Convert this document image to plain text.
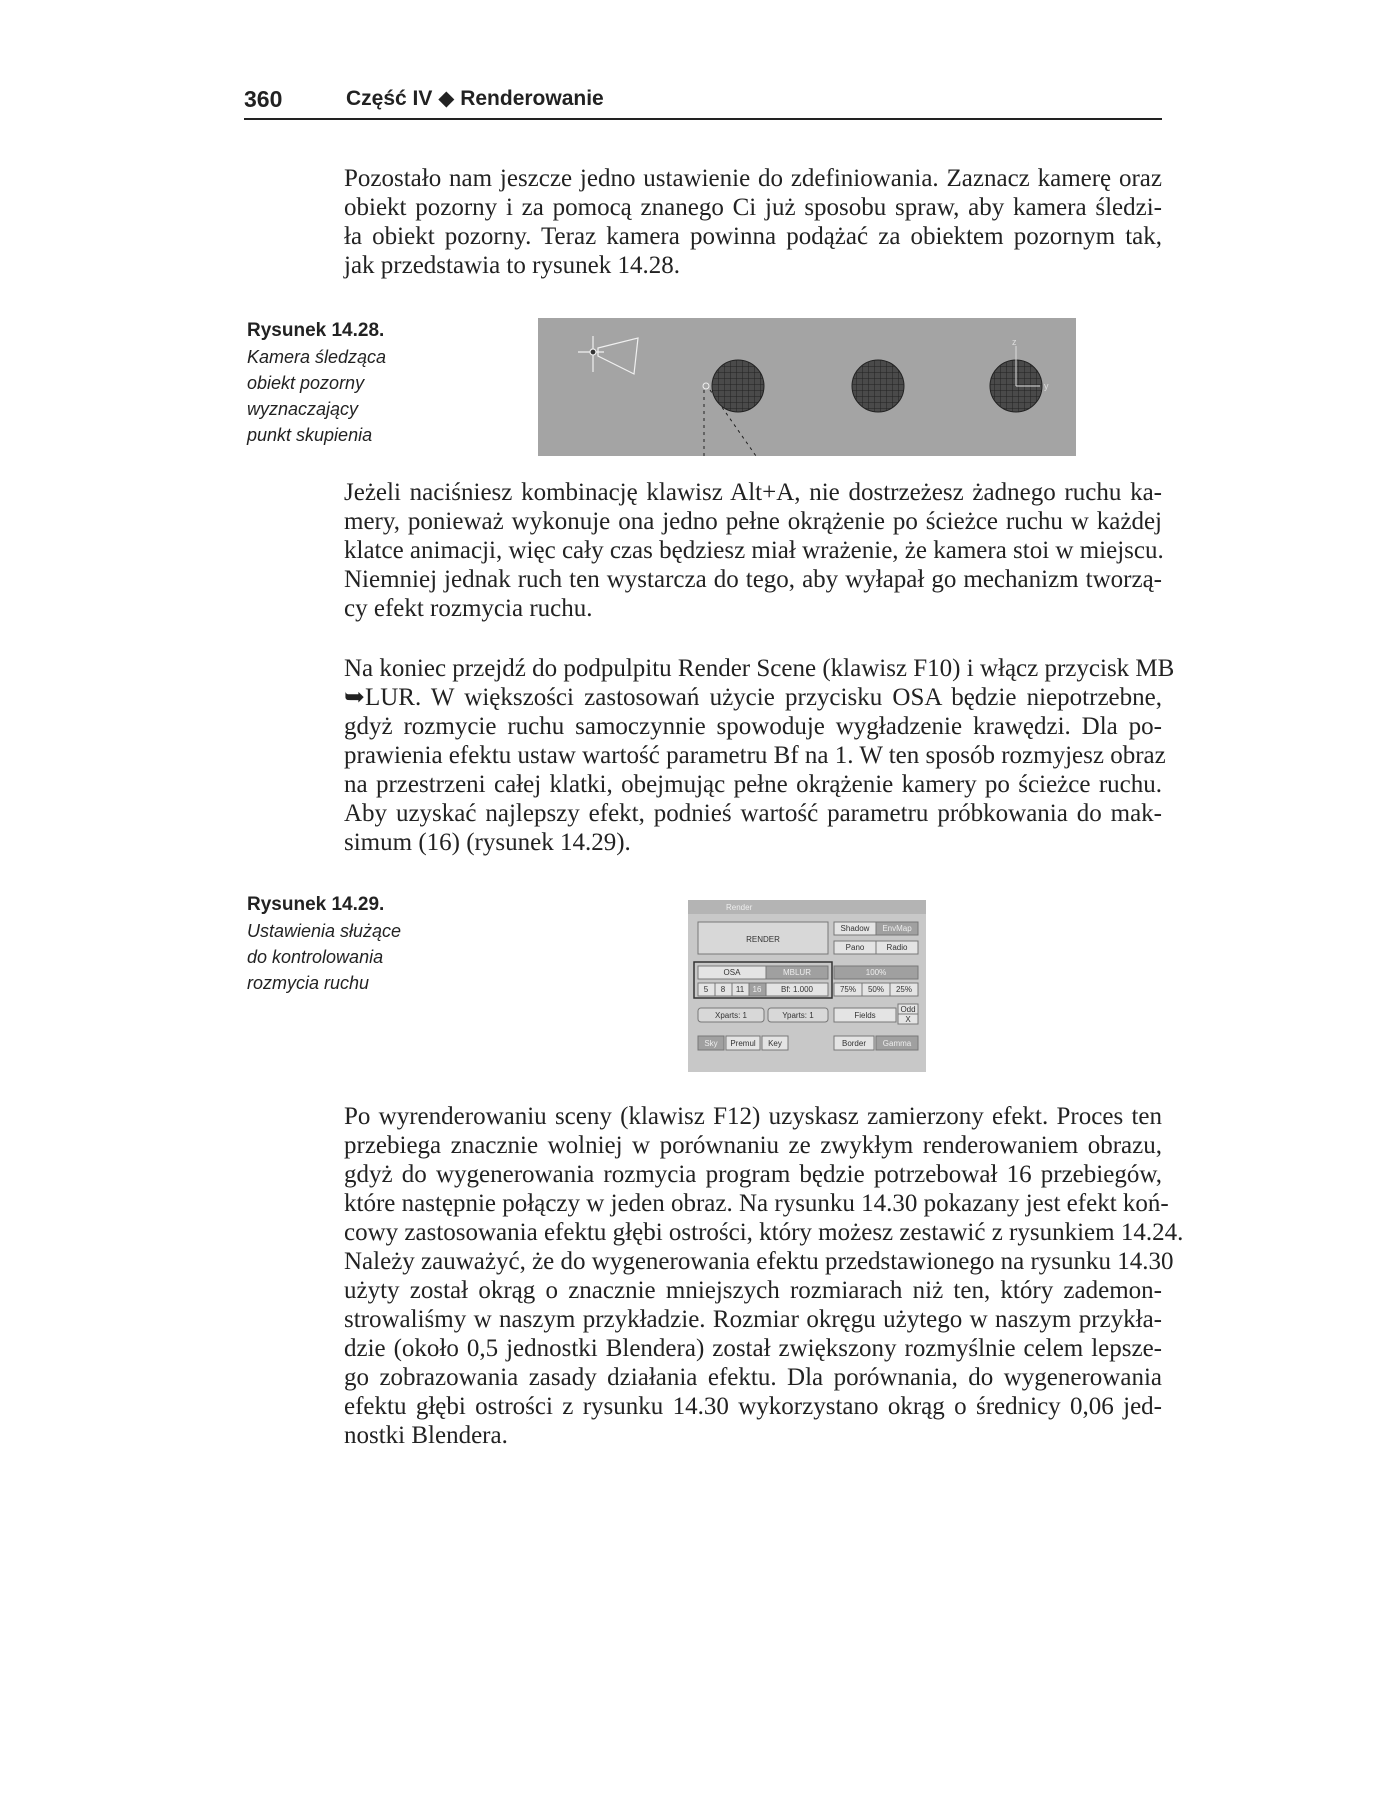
360	Część IV ◆ Renderowanie
Pozostało nam jeszcze jedno ustawienie do zdefiniowania. Zaznacz kamerę oraz
obiekt pozorny i za pomocą znanego Ci już sposobu spraw, aby kamera śledzi-
ła obiekt pozorny. Teraz kamera powinna podążać za obiektem pozornym tak,
jak przedstawia to rysunek 14.28.
Rysunek 14.28.
Kamera śledząca
obiekt pozorny
wyznaczający
punkt skupienia
z
y
Jeżeli naciśniesz kombinację klawisz Alt+A, nie dostrzeżesz żadnego ruchu ka-
mery, ponieważ wykonuje ona jedno pełne okrążenie po ścieżce ruchu w każdej
klatce animacji, więc cały czas będziesz miał wrażenie, że kamera stoi w miejscu.
Niemniej jednak ruch ten wystarcza do tego, aby wyłapał go mechanizm tworzą-
cy efekt rozmycia ruchu.
Na koniec przejdź do podpulpitu Render Scene (klawisz F10) i włącz przycisk MB
➥LUR. W większości zastosowań użycie przycisku OSA będzie niepotrzebne,
gdyż rozmycie ruchu samoczynnie spowoduje wygładzenie krawędzi. Dla po-
prawienia efektu ustaw wartość parametru Bf na 1. W ten sposób rozmyjesz obraz
na przestrzeni całej klatki, obejmując pełne okrążenie kamery po ścieżce ruchu.
Aby uzyskać najlepszy efekt, podnieś wartość parametru próbkowania do mak-
simum (16) (rysunek 14.29).
Rysunek 14.29.
Ustawienia służące
do kontrolowania
rozmycia ruchu
Render
RENDER
Shadow EnvMap
Pano	Radio
OSA	MBLUR	100%
5 8 11 16 Bf: 1.000	75% 50% 25%
Xparts: 1	Yparts: 1	Fields
Odd
X
Sky Premul Key	Border Gamma
Po wyrenderowaniu sceny (klawisz F12) uzyskasz zamierzony efekt. Proces ten
przebiega znacznie wolniej w porównaniu ze zwykłym renderowaniem obrazu,
gdyż do wygenerowania rozmycia program będzie potrzebował 16 przebiegów,
które następnie połączy w jeden obraz. Na rysunku 14.30 pokazany jest efekt koń-
cowy zastosowania efektu głębi ostrości, który możesz zestawić z rysunkiem 14.24.
Należy zauważyć, że do wygenerowania efektu przedstawionego na rysunku 14.30
użyty został okrąg o znacznie mniejszych rozmiarach niż ten, który zademon-
strowaliśmy w naszym przykładzie. Rozmiar okręgu użytego w naszym przykła-
dzie (około 0,5 jednostki Blendera) został zwiększony rozmyślnie celem lepsze-
go zobrazowania zasady działania efektu. Dla porównania, do wygenerowania
efektu głębi ostrości z rysunku 14.30 wykorzystano okrąg o średnicy 0,06 jed-
nostki Blendera.
